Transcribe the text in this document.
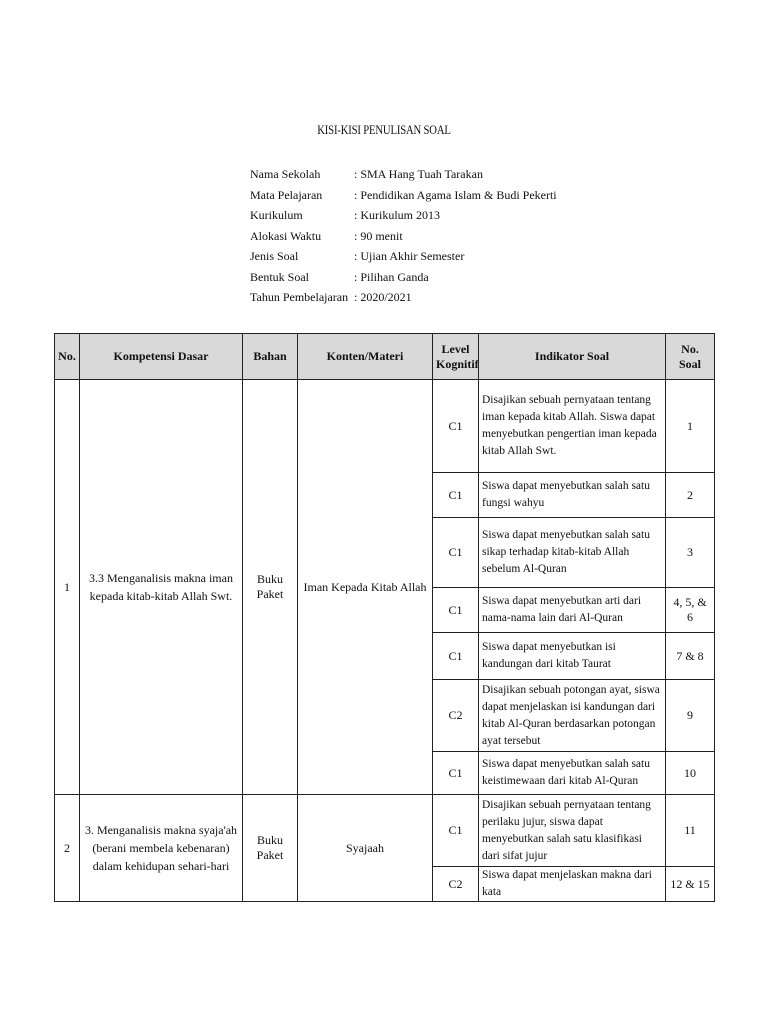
KISI-KISI PENULISAN SOAL
Nama Sekolah	: SMA Hang Tuah Tarakan
Mata Pelajaran	: Pendidikan Agama Islam & Budi Pekerti
Kurikulum	: Kurikulum 2013
Alokasi Waktu	: 90 menit
Jenis Soal	: Ujian Akhir Semester
Bentuk Soal	: Pilihan Ganda
Tahun Pembelajaran : 2020/2021
No.	Kompetensi Dasar	Bahan	Konten/Materi	Level Kognitif	Indikator Soal	No. Soal
1	3.3 Menganalisis makna iman kepada kitab-kitab Allah Swt.	Buku Paket	Iman Kepada Kitab Allah	C1	Disajikan sebuah pernyataan tentang iman kepada kitab Allah. Siswa dapat menyebutkan pengertian iman kepada kitab Allah Swt.	1
				C1	Siswa dapat menyebutkan salah satu fungsi wahyu	2
				C1	Siswa dapat menyebutkan salah satu sikap terhadap kitab-kitab Allah sebelum Al-Quran	3
				C1	Siswa dapat menyebutkan arti dari nama-nama lain dari Al-Quran	4, 5, & 6
				C1	Siswa dapat menyebutkan isi kandungan dari kitab Taurat	7 & 8
				C2	Disajikan sebuah potongan ayat, siswa dapat menjelaskan isi kandungan dari kitab Al-Quran berdasarkan potongan ayat tersebut	9
				C1	Siswa dapat menyebutkan salah satu keistimewaan dari kitab Al-Quran	10
2	3. Menganalisis makna syaja'ah (berani membela kebenaran) dalam kehidupan sehari-hari	Buku Paket	Syajaah	C1	Disajikan sebuah pernyataan tentang perilaku jujur, siswa dapat menyebutkan salah satu klasifikasi dari sifat jujur	11
				C2	Siswa dapat menjelaskan makna dari kata	12 & 15
